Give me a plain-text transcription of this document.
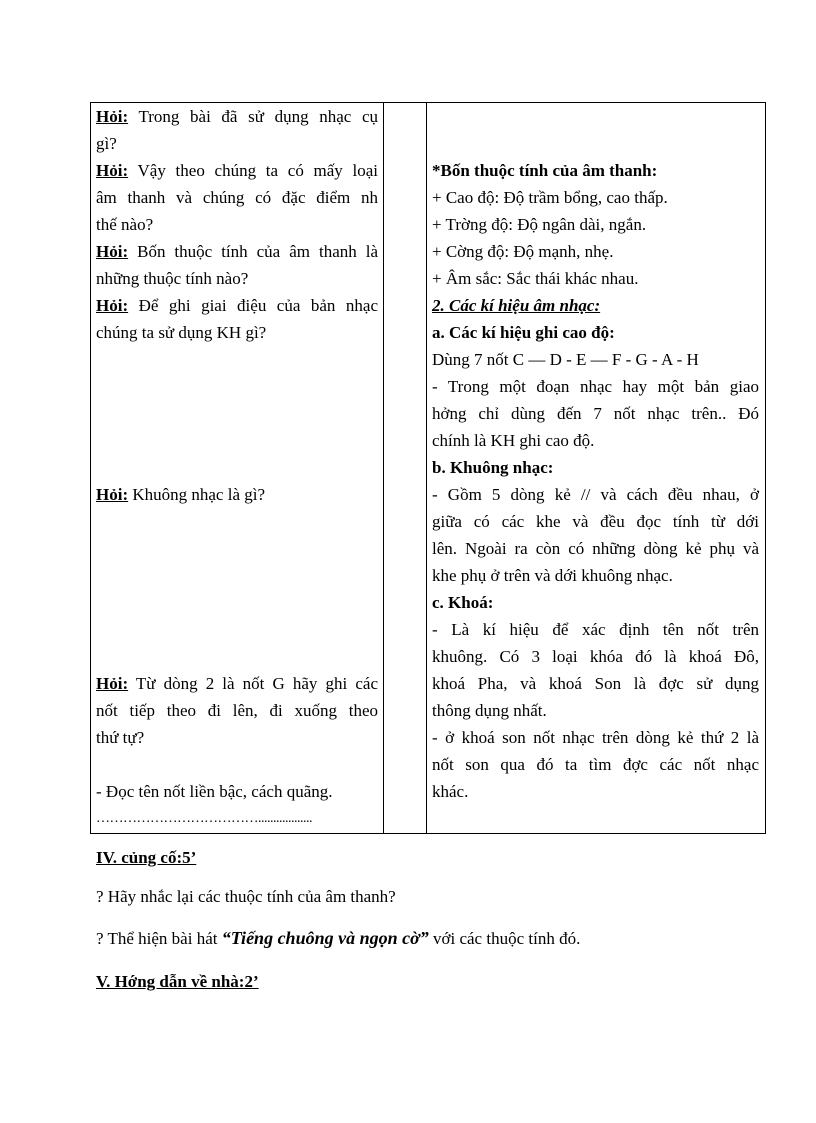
Hỏi: Trong bài đã sử dụng nhạc cụ
gì?
Hỏi: Vậy theo chúng ta có mấy loại
âm thanh và chúng có đặc điểm nh
thế nào?
Hỏi: Bốn thuộc tính của âm thanh là
những thuộc tính nào?
Hỏi: Để ghi giai điệu của bản nhạc
chúng ta sử dụng KH gì?
Hỏi: Khuông nhạc là gì?
Hỏi: Từ dòng 2 là nốt G hãy ghi các
nốt tiếp theo đi lên, đi xuống theo
thứ tự?
- Đọc tên nốt liền bậc, cách quãng.
………………………………..................
*Bốn thuộc tính của âm thanh:
+ Cao độ: Độ trầm bổng, cao thấp.
+ Trờng độ: Độ ngân dài, ngắn.
+ Cờng độ: Độ mạnh, nhẹ.
+ Âm sắc: Sắc thái khác nhau.
2. Các kí hiệu âm nhạc:
a. Các kí hiệu ghi cao độ:
Dùng 7 nốt C — D - E — F - G - A - H
- Trong một đoạn nhạc hay một bản giao
hởng chỉ dùng đến 7 nốt nhạc trên.. Đó
chính là KH ghi cao độ.
b. Khuông nhạc:
- Gồm 5 dòng kẻ // và cách đều nhau, ở
giữa có các khe và đều đọc tính từ dới
lên. Ngoài ra còn có những dòng kẻ phụ và
khe phụ ở trên và dới khuông nhạc.
c. Khoá:
- Là kí hiệu để xác định tên nốt trên
khuông. Có 3 loại khóa đó là khoá Đô,
khoá Pha, và khoá Son là đợc sử dụng
thông dụng nhất.
- ở khoá son nốt nhạc trên dòng kẻ thứ 2 là
nốt son qua đó ta tìm đợc các nốt nhạc
khác.
IV. củng cố:5’
? Hãy nhắc lại các thuộc tính của âm thanh?
? Thể hiện bài hát “Tiếng chuông và ngọn cờ” với các thuộc tính đó.
V. Hớng dẫn về nhà:2’
